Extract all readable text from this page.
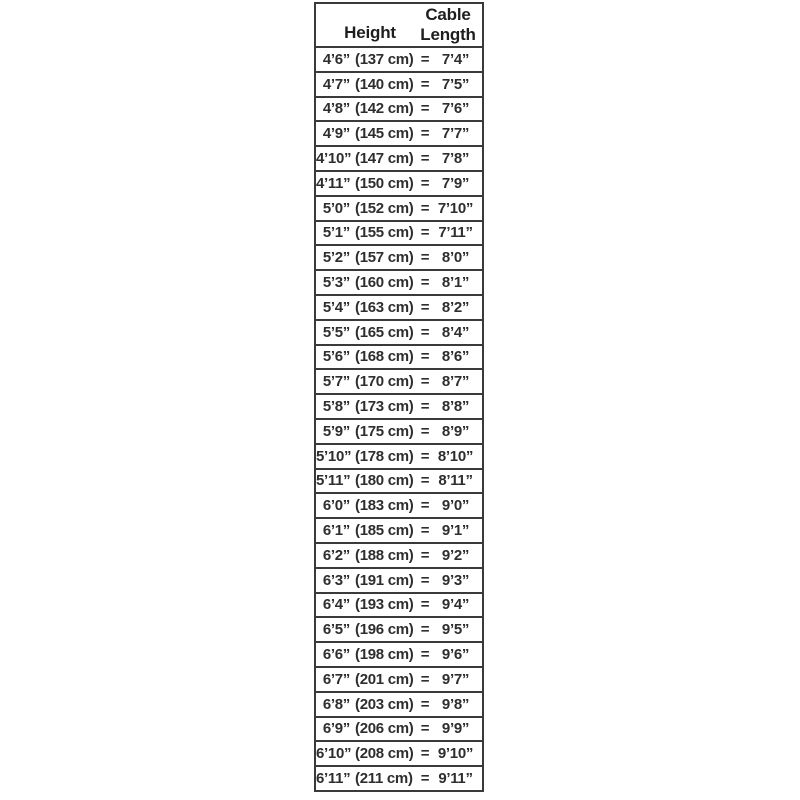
Height
Cable
Length
4’6” (137 cm) = 7’4”
4’7” (140 cm) = 7’5”
4’8” (142 cm) = 7’6”
4’9” (145 cm) = 7’7”
4’10” (147 cm) = 7’8”
4’11” (150 cm) = 7’9”
5’0” (152 cm) = 7’10”
5’1” (155 cm) = 7’11”
5’2” (157 cm) = 8’0”
5’3” (160 cm) = 8’1”
5’4” (163 cm) = 8’2”
5’5” (165 cm) = 8’4”
5’6” (168 cm) = 8’6”
5’7” (170 cm) = 8’7”
5’8” (173 cm) = 8’8”
5’9” (175 cm) = 8’9”
5’10” (178 cm) = 8’10”
5’11” (180 cm) = 8’11”
6’0” (183 cm) = 9’0”
6’1” (185 cm) = 9’1”
6’2” (188 cm) = 9’2”
6’3” (191 cm) = 9’3”
6’4” (193 cm) = 9’4”
6’5” (196 cm) = 9’5”
6’6” (198 cm) = 9’6”
6’7” (201 cm) = 9’7”
6’8” (203 cm) = 9’8”
6’9” (206 cm) = 9’9”
6’10” (208 cm) = 9’10”
6’11” (211 cm) = 9’11”
